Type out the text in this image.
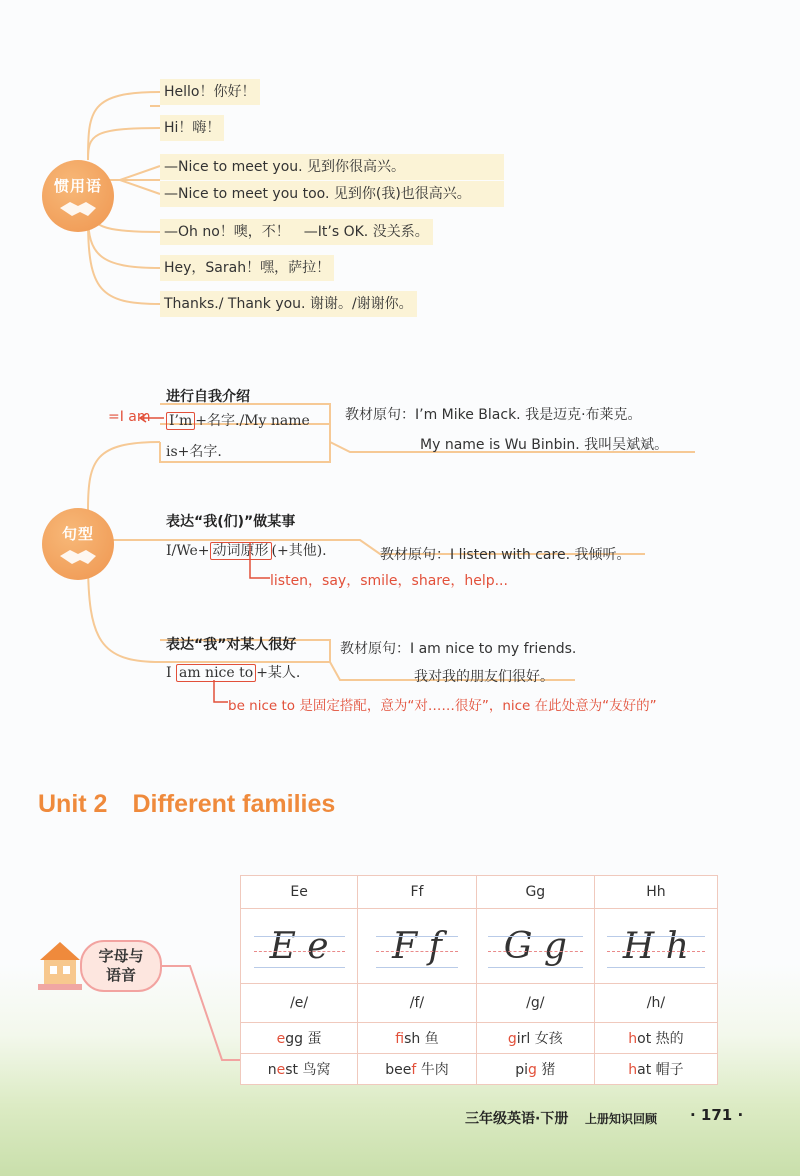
惯用语
Hello！你好！
Hi！嗨！
—Nice to meet you. 见到你很高兴。
—Nice to meet you too. 见到你(我)也很高兴。
—Oh no！噢，不！　—It’s OK. 没关系。
Hey，Sarah！嘿，萨拉！
Thanks./ Thank you. 谢谢。/谢谢你。
句型
进行自我介绍
=I am I’m +名字./My name
is+名字.
教材原句：I’m Mike Black. 我是迈克·布莱克。
My name is Wu Binbin. 我叫吴斌斌。
表达“我(们)”做某事
I/We+ 动词原形 (+其他).
listen，say，smile，share，help...
教材原句：I listen with care. 我倾听。
表达“我”对某人很好
I am nice to +某人.
教材原句：I am nice to my friends.
我对我的朋友们很好。
be nice to 是固定搭配，意为“对……很好”，nice 在此处意为“友好的”
Unit 2　Different families
字母与
语音
Ee	Ff	Gg	Hh

E e	F f	G g	H h
/e/	/f/	/g/	/h/
egg 蛋	fish 鱼	girl 女孩	hot 热的
nest 鸟窝	beef 牛肉	pig 猪	hat 帽子
三年级英语·下册 上册知识回顾 · 171 ·
